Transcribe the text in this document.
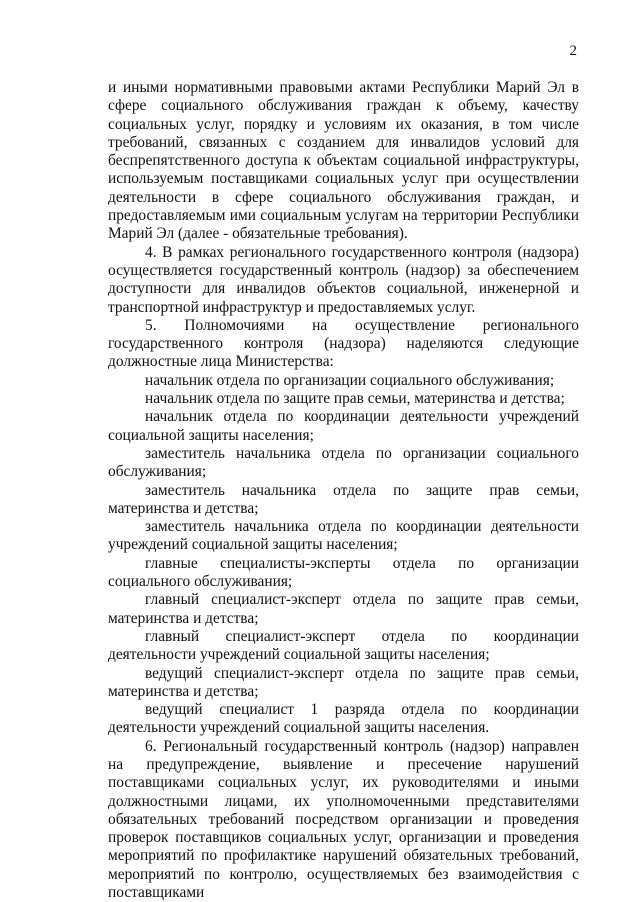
2

и иными нормативными правовыми актами Республики Марий Эл в сфере социального обслуживания граждан к объему, качеству социальных услуг, порядку и условиям их оказания, в том числе требований, связанных с созданием для инвалидов условий для беспрепятственного доступа к объектам социальной инфраструктуры, используемым поставщиками социальных услуг при осуществлении деятельности в сфере социального обслуживания граждан, и предоставляемым ими социальным услугам на территории Республики Марий Эл (далее - обязательные требования).

4. В рамках регионального государственного контроля (надзора) осуществляется государственный контроль (надзор) за обеспечением доступности для инвалидов объектов социальной, инженерной и транспортной инфраструктур и предоставляемых услуг.

5. Полномочиями на осуществление регионального государственного контроля (надзора) наделяются следующие должностные лица Министерства:

начальник отдела по организации социального обслуживания;

начальник отдела по защите прав семьи, материнства и детства;

начальник отдела по координации деятельности учреждений социальной защиты населения;

заместитель начальника отдела по организации социального обслуживания;

заместитель начальника отдела по защите прав семьи, материнства и детства;

заместитель начальника отдела по координации деятельности учреждений социальной защиты населения;

главные специалисты-эксперты отдела по организации социального обслуживания;

главный специалист-эксперт отдела по защите прав семьи, материнства и детства;

главный специалист-эксперт отдела по координации деятельности учреждений социальной защиты населения;

ведущий специалист-эксперт отдела по защите прав семьи, материнства и детства;

ведущий специалист 1 разряда отдела по координации деятельности учреждений социальной защиты населения.

6. Региональный государственный контроль (надзор) направлен на предупреждение, выявление и пресечение нарушений поставщиками социальных услуг, их руководителями и иными должностными лицами, их уполномоченными представителями обязательных требований посредством организации и проведения проверок поставщиков социальных услуг, организации и проведения мероприятий по профилактике нарушений обязательных требований, мероприятий по контролю, осуществляемых без взаимодействия с поставщиками
